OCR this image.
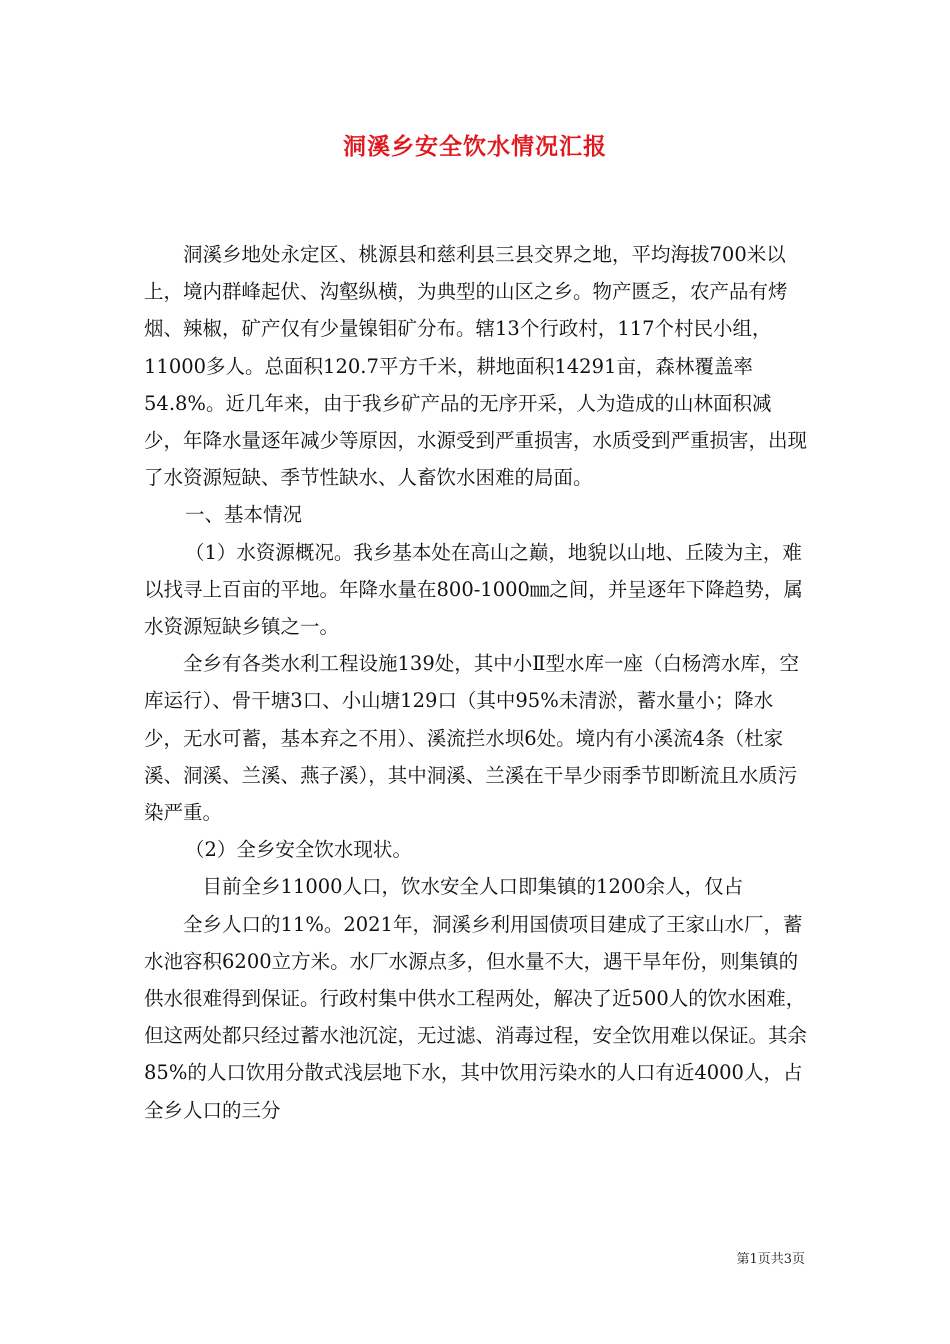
洞溪乡安全饮水情况汇报

洞溪乡地处永定区、桃源县和慈利县三县交界之地，平均海拔700米以上，境内群峰起伏、沟壑纵横，为典型的山区之乡。物产匮乏，农产品有烤烟、辣椒，矿产仅有少量镍钼矿分布。辖13个行政村，117个村民小组，11000多人。总面积120.7平方千米，耕地面积14291亩，森林覆盖率54.8%。近几年来，由于我乡矿产品的无序开采，人为造成的山林面积减少，年降水量逐年减少等原因，水源受到严重损害，水质受到严重损害，出现了水资源短缺、季节性缺水、人畜饮水困难的局面。

一、基本情况

（1）水资源概况。我乡基本处在高山之巅，地貌以山地、丘陵为主，难以找寻上百亩的平地。年降水量在800-1000㎜之间，并呈逐年下降趋势，属水资源短缺乡镇之一。

全乡有各类水利工程设施139处，其中小Ⅱ型水库一座（白杨湾水库，空库运行）、骨干塘3口、小山塘129口（其中95%未清淤，蓄水量小；降水少，无水可蓄，基本弃之不用）、溪流拦水坝6处。境内有小溪流4条（杜家溪、洞溪、兰溪、燕子溪），其中洞溪、兰溪在干旱少雨季节即断流且水质污染严重。

（2）全乡安全饮水现状。

目前全乡11000人口，饮水安全人口即集镇的1200余人，仅占

全乡人口的11%。2021年，洞溪乡利用国债项目建成了王家山水厂，蓄水池容积6200立方米。水厂水源点多，但水量不大，遇干旱年份，则集镇的供水很难得到保证。行政村集中供水工程两处，解决了近500人的饮水困难，但这两处都只经过蓄水池沉淀，无过滤、消毒过程，安全饮用难以保证。其余85%的人口饮用分散式浅层地下水，其中饮用污染水的人口有近4000人，占全乡人口的三分

第1页共3页
